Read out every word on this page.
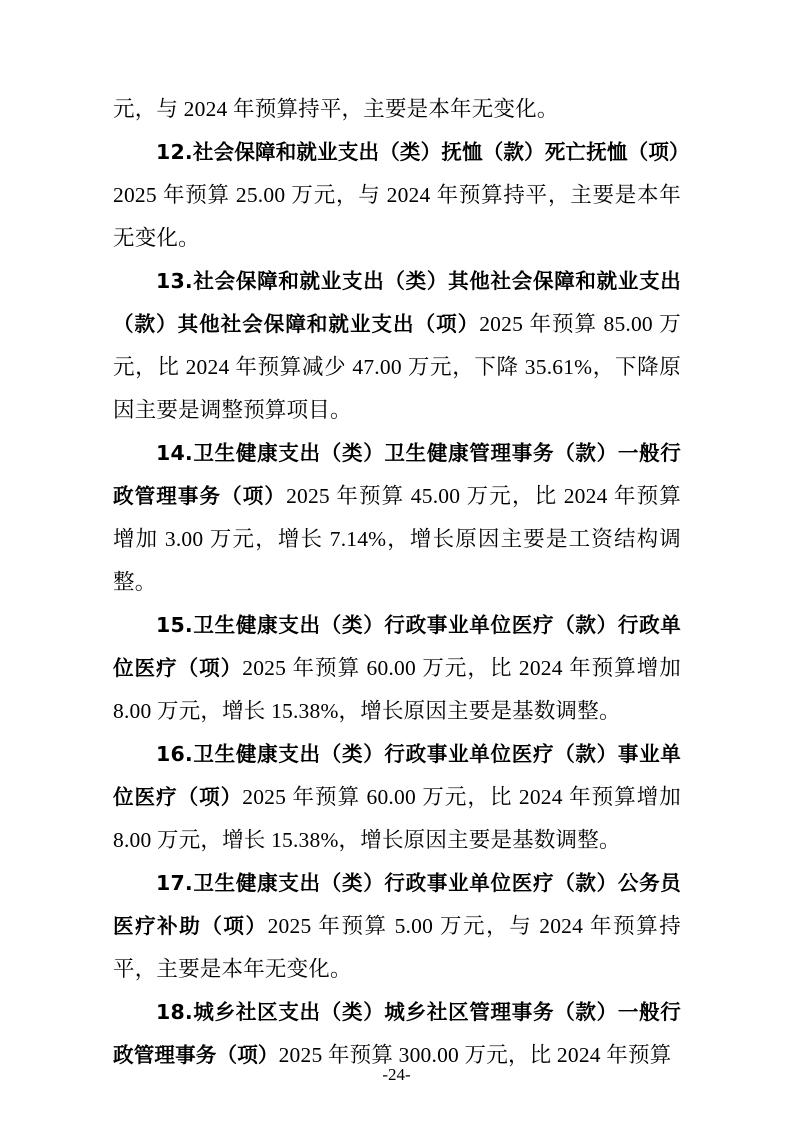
元，与 2024 年预算持平，主要是本年无变化。

12.社会保障和就业支出（类）抚恤（款）死亡抚恤（项）2025 年预算 25.00 万元，与 2024 年预算持平，主要是本年无变化。

13.社会保障和就业支出（类）其他社会保障和就业支出（款）其他社会保障和就业支出（项）2025 年预算 85.00 万元，比 2024 年预算减少 47.00 万元，下降 35.61%，下降原因主要是调整预算项目。

14.卫生健康支出（类）卫生健康管理事务（款）一般行政管理事务（项）2025 年预算 45.00 万元，比 2024 年预算增加 3.00 万元，增长 7.14%，增长原因主要是工资结构调整。

15.卫生健康支出（类）行政事业单位医疗（款）行政单位医疗（项）2025 年预算 60.00 万元，比 2024 年预算增加 8.00 万元，增长 15.38%，增长原因主要是基数调整。

16.卫生健康支出（类）行政事业单位医疗（款）事业单位医疗（项）2025 年预算 60.00 万元，比 2024 年预算增加 8.00 万元，增长 15.38%，增长原因主要是基数调整。

17.卫生健康支出（类）行政事业单位医疗（款）公务员医疗补助（项）2025 年预算 5.00 万元，与 2024 年预算持平，主要是本年无变化。

18.城乡社区支出（类）城乡社区管理事务（款）一般行政管理事务（项）2025 年预算 300.00 万元，比 2024 年预算

-24-
